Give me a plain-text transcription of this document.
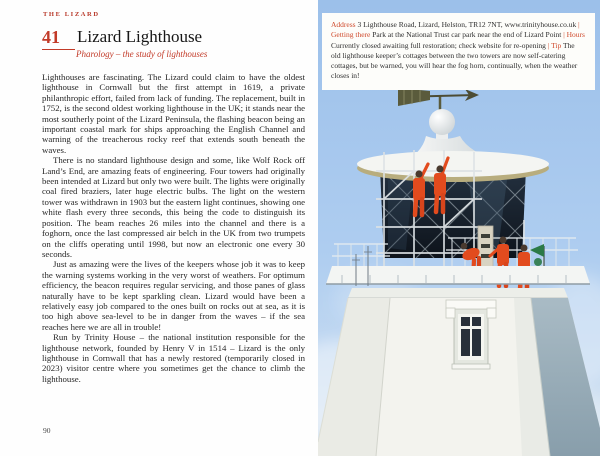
THE LIZARD
41	Lizard Lighthouse
Pharology – the study of lighthouses

Lighthouses are fascinating. The Lizard could claim to have the oldest lighthouse in Cornwall but the first attempt in 1619, a private philanthropic effort, failed from lack of funding. The replacement, built in 1752, is the second oldest working lighthouse in the UK; it stands near the most southerly point of the Lizard Peninsula, the flashing beacon being an important coastal mark for ships approaching the English Channel and warning of the treacherous rocky reef that extends south beneath the waves.

There is no standard lighthouse design and some, like Wolf Rock off Land’s End, are amazing feats of engineering. Four towers had originally been intended at Lizard but only two were built. The lights were originally coal fired braziers, later huge electric bulbs. The light on the western tower was withdrawn in 1903 but the eastern light continues, showing one white flash every three seconds, this being the code to distinguish its position. The beam reaches 26 miles into the channel and there is a foghorn, once the last compressed air belch in the UK from two trumpets on the cliffs operating until 1998, but now an electronic one every 30 seconds.

Just as amazing were the lives of the keepers whose job it was to keep the warning systems working in the very worst of weathers. For optimum efficiency, the beacon requires regular servicing, and those panes of glass naturally have to be kept sparkling clean. Lizard would have been a relatively easy job compared to the ones built on rocks out at sea, as it is too high above sea-level to be in danger from the waves – if the sea reaches here we are all in trouble!

Run by Trinity House – the national institution responsible for the lighthouse network, founded by Henry V in 1514 – Lizard is the only lighthouse in Cornwall that has a newly restored (temporarily closed in 2023) visitor centre where you sometimes get the chance to climb the lighthouse.

90
Address 3 Lighthouse Road, Lizard, Helston, TR12 7NT, www.trinityhouse.co.uk | Getting there Park at the National Trust car park near the end of Lizard Point | Hours Currently closed awaiting full restoration; check website for re-opening | Tip The old lighthouse keeper’s cottages between the two towers are now self-catering cottages, but be warned, you will hear the fog horn, continually, when the weather closes in!
